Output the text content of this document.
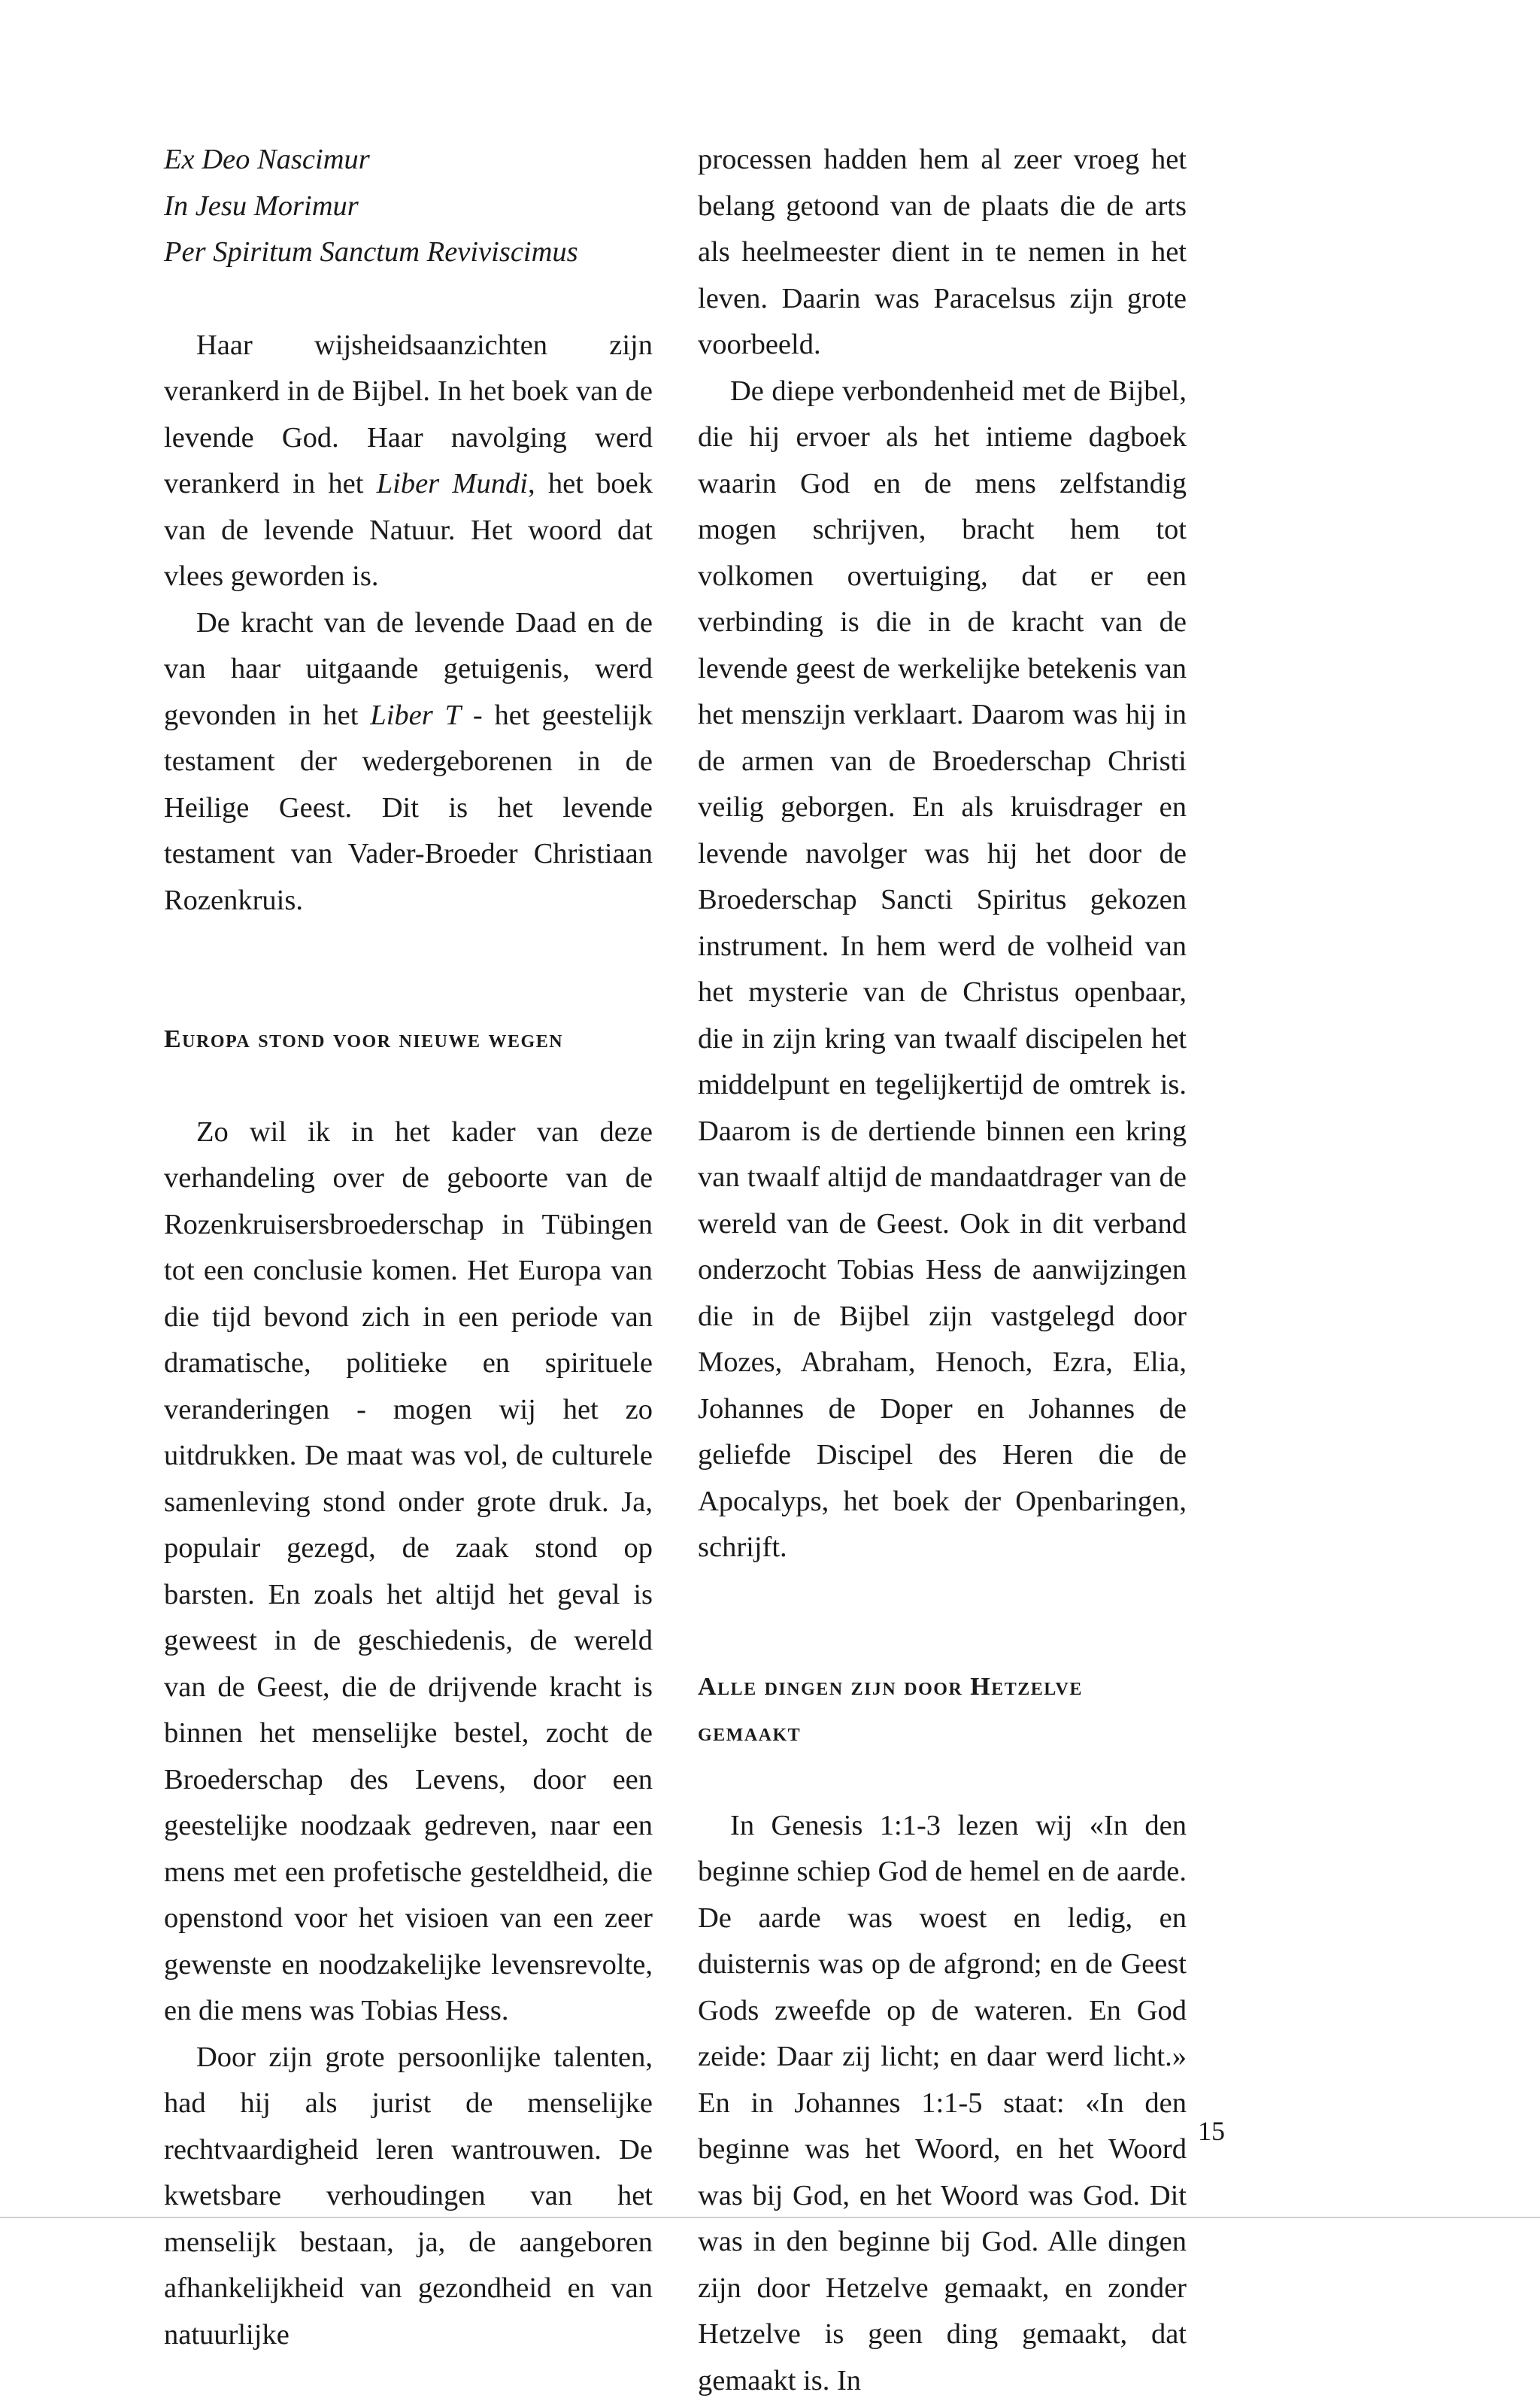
Ex Deo Nascimur
In Jesu Morimur
Per Spiritum Sanctum Reviviscimus

Haar wijsheidsaanzichten zijn verankerd in de Bijbel. In het boek van de levende God. Haar navolging werd verankerd in het Liber Mundi, het boek van de levende Natuur. Het woord dat vlees geworden is.

De kracht van de levende Daad en de van haar uitgaande getuigenis, werd gevonden in het Liber T - het geestelijk testament der wedergeborenen in de Heilige Geest. Dit is het levende testament van Vader-Broeder Christiaan Rozenkruis.

Europa stond voor nieuwe wegen

Zo wil ik in het kader van deze verhandeling over de geboorte van de Rozenkruisersbroederschap in Tübingen tot een conclusie komen. Het Europa van die tijd bevond zich in een periode van dramatische, politieke en spirituele veranderingen - mogen wij het zo uitdrukken. De maat was vol, de culturele samenleving stond onder grote druk. Ja, populair gezegd, de zaak stond op barsten. En zoals het altijd het geval is geweest in de geschiedenis, de wereld van de Geest, die de drijvende kracht is binnen het menselijke bestel, zocht de Broederschap des Levens, door een geestelijke noodzaak gedreven, naar een mens met een profetische gesteldheid, die openstond voor het visioen van een zeer gewenste en noodzakelijke levensrevolte, en die mens was Tobias Hess.

Door zijn grote persoonlijke talenten, had hij als jurist de menselijke rechtvaardigheid leren wantrouwen. De kwetsbare verhoudingen van het menselijk bestaan, ja, de aangeboren afhankelijkheid van gezondheid en van natuurlijke

processen hadden hem al zeer vroeg het belang getoond van de plaats die de arts als heelmeester dient in te nemen in het leven. Daarin was Paracelsus zijn grote voorbeeld.

De diepe verbondenheid met de Bijbel, die hij ervoer als het intieme dagboek waarin God en de mens zelfstandig mogen schrijven, bracht hem tot volkomen overtuiging, dat er een verbinding is die in de kracht van de levende geest de werkelijke betekenis van het menszijn verklaart. Daarom was hij in de armen van de Broederschap Christi veilig geborgen. En als kruisdrager en levende navolger was hij het door de Broederschap Sancti Spiritus gekozen instrument. In hem werd de volheid van het mysterie van de Christus openbaar, die in zijn kring van twaalf discipelen het middelpunt en tegelijkertijd de omtrek is. Daarom is de dertiende binnen een kring van twaalf altijd de mandaatdrager van de wereld van de Geest. Ook in dit verband onderzocht Tobias Hess de aanwijzingen die in de Bijbel zijn vastgelegd door Mozes, Abraham, Henoch, Ezra, Elia, Johannes de Doper en Johannes de geliefde Discipel des Heren die de Apocalyps, het boek der Openbaringen, schrijft.

Alle dingen zijn door Hetzelve gemaakt

In Genesis 1:1-3 lezen wij «In den beginne schiep God de hemel en de aarde. De aarde was woest en ledig, en duisternis was op de afgrond; en de Geest Gods zweefde op de wateren. En God zeide: Daar zij licht; en daar werd licht.» En in Johannes 1:1-5 staat: «In den beginne was het Woord, en het Woord was bij God, en het Woord was God. Dit was in den beginne bij God. Alle dingen zijn door Hetzelve gemaakt, en zonder Hetzelve is geen ding gemaakt, dat gemaakt is. In

15
